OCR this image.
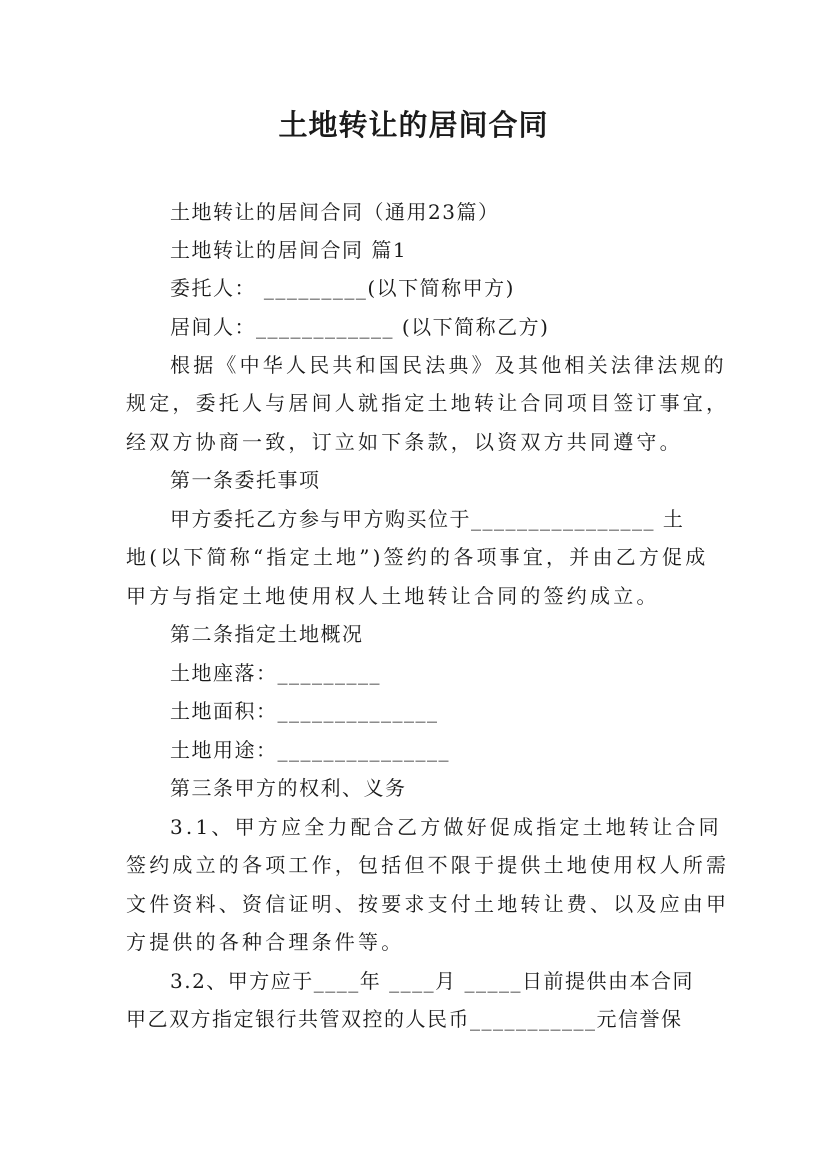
土地转让的居间合同
土地转让的居间合同（通用23篇）
土地转让的居间合同 篇1
委托人： _________(以下简称甲方)
居间人：____________ (以下简称乙方)
根据《中华人民共和国民法典》及其他相关法律法规的
规定，委托人与居间人就指定土地转让合同项目签订事宜，
经双方协商一致，订立如下条款，以资双方共同遵守。
第一条委托事项
甲方委托乙方参与甲方购买位于________________ 土
地(以下简称“指定土地”)签约的各项事宜，并由乙方促成
甲方与指定土地使用权人土地转让合同的签约成立。
第二条指定土地概况
土地座落：_________
土地面积：______________
土地用途：_______________
第三条甲方的权利、义务
3.1、甲方应全力配合乙方做好促成指定土地转让合同
签约成立的各项工作，包括但不限于提供土地使用权人所需
文件资料、资信证明、按要求支付土地转让费、以及应由甲
方提供的各种合理条件等。
3.2、甲方应于____年 ____月 _____日前提供由本合同
甲乙双方指定银行共管双控的人民币___________元信誉保
